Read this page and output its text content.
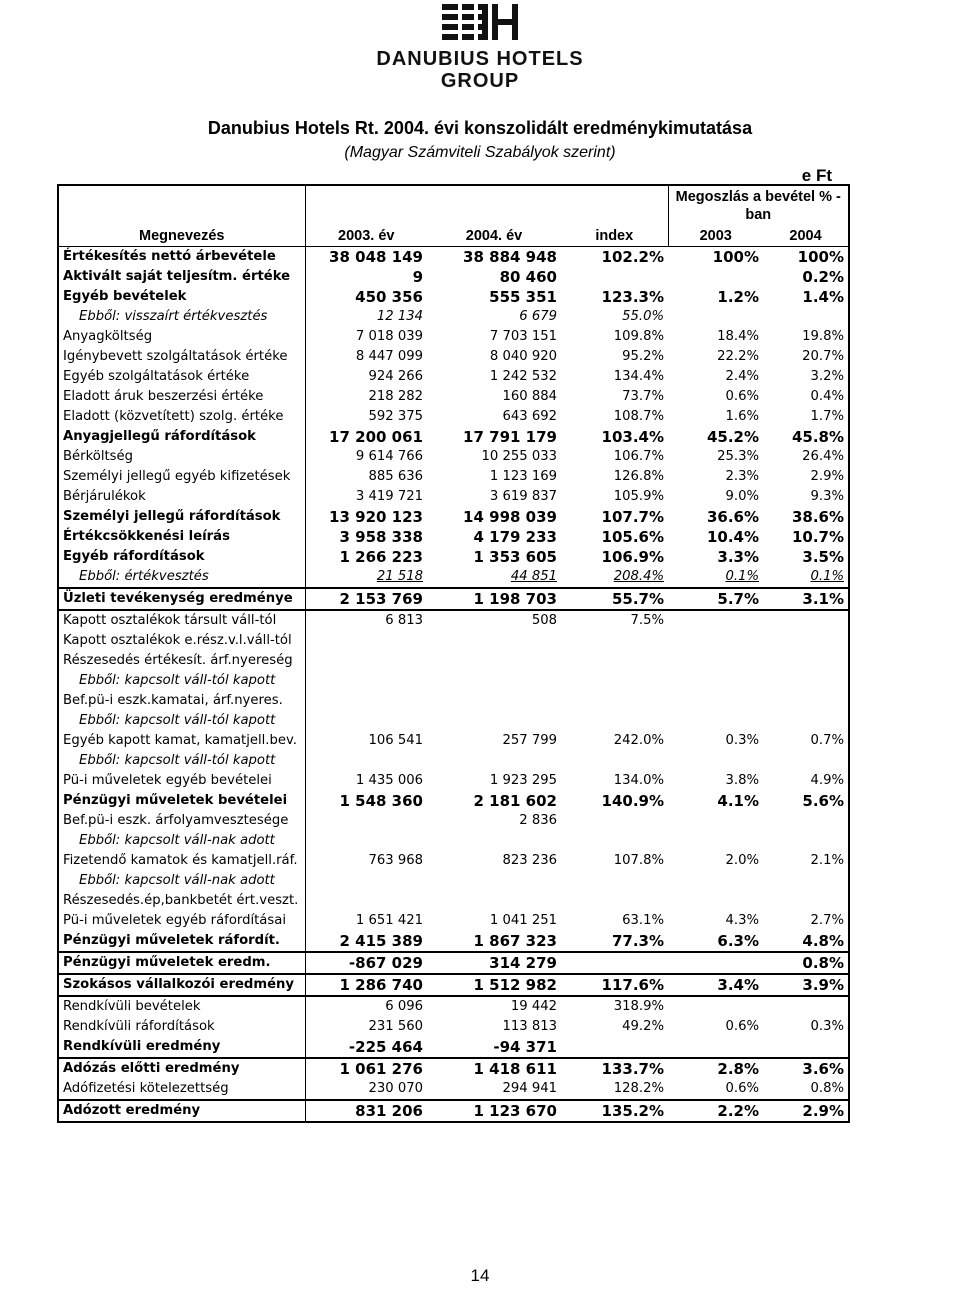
DANUBIUS HOTELS
GROUP
Danubius Hotels Rt. 2004. évi konszolidált eredménykimutatása
(Magyar Számviteli Szabályok szerint)
e Ft
Megnevezés				Megoszlás a bevétel % - ban	

	2003. év	2004. év	index	2003	2004
Értékesítés nettó árbevétele	38 048 149	38 884 948	102.2%	100%	100%
Aktivált saját teljesítm. értéke	9	80 460			0.2%
Egyéb bevételek	450 356	555 351	123.3%	1.2%	1.4%
Ebből: visszaírt értékvesztés	12 134	6 679	55.0%		
Anyagköltség	7 018 039	7 703 151	109.8%	18.4%	19.8%
Igénybevett szolgáltatások értéke	8 447 099	8 040 920	95.2%	22.2%	20.7%
Egyéb szolgáltatások értéke	924 266	1 242 532	134.4%	2.4%	3.2%
Eladott áruk beszerzési értéke	218 282	160 884	73.7%	0.6%	0.4%
Eladott (közvetített) szolg. értéke	592 375	643 692	108.7%	1.6%	1.7%
Anyagjellegű ráfordítások	17 200 061	17 791 179	103.4%	45.2%	45.8%
Bérköltség	9 614 766	10 255 033	106.7%	25.3%	26.4%
Személyi jellegű egyéb kifizetések	885 636	1 123 169	126.8%	2.3%	2.9%
Bérjárulékok	3 419 721	3 619 837	105.9%	9.0%	9.3%
Személyi jellegű ráfordítások	13 920 123	14 998 039	107.7%	36.6%	38.6%
Értékcsökkenési leírás	3 958 338	4 179 233	105.6%	10.4%	10.7%
Egyéb ráfordítások	1 266 223	1 353 605	106.9%	3.3%	3.5%
Ebből: értékvesztés	21 518	44 851	208.4%	0.1%	0.1%
Üzleti tevékenység eredménye	2 153 769	1 198 703	55.7%	5.7%	3.1%
Kapott osztalékok társult váll-tól	6 813	508	7.5%		
Kapott osztalékok e.rész.v.l.váll-tól					
Részesedés értékesít. árf.nyereség					
Ebből: kapcsolt váll-tól kapott					
Bef.pü-i eszk.kamatai, árf.nyeres.					
Ebből: kapcsolt váll-tól kapott					
Egyéb kapott kamat, kamatjell.bev.	106 541	257 799	242.0%	0.3%	0.7%
Ebből: kapcsolt váll-tól kapott					
Pü-i műveletek egyéb bevételei	1 435 006	1 923 295	134.0%	3.8%	4.9%
Pénzügyi műveletek bevételei	1 548 360	2 181 602	140.9%	4.1%	5.6%
Bef.pü-i eszk. árfolyamvesztesége		2 836			
Ebből: kapcsolt váll-nak adott					
Fizetendő kamatok és kamatjell.ráf.	763 968	823 236	107.8%	2.0%	2.1%
Ebből: kapcsolt váll-nak adott					
Részesedés.ép,bankbetét ért.veszt.					
Pü-i műveletek egyéb ráfordításai	1 651 421	1 041 251	63.1%	4.3%	2.7%
Pénzügyi műveletek ráfordít.	2 415 389	1 867 323	77.3%	6.3%	4.8%
Pénzügyi műveletek eredm.	-867 029	314 279			0.8%
Szokásos vállalkozói eredmény	1 286 740	1 512 982	117.6%	3.4%	3.9%
Rendkívüli bevételek	6 096	19 442	318.9%		
Rendkívüli ráfordítások	231 560	113 813	49.2%	0.6%	0.3%
Rendkívüli eredmény	-225 464	-94 371			
Adózás előtti eredmény	1 061 276	1 418 611	133.7%	2.8%	3.6%
Adófizetési kötelezettség	230 070	294 941	128.2%	0.6%	0.8%
Adózott eredmény	831 206	1 123 670	135.2%	2.2%	2.9%
14
